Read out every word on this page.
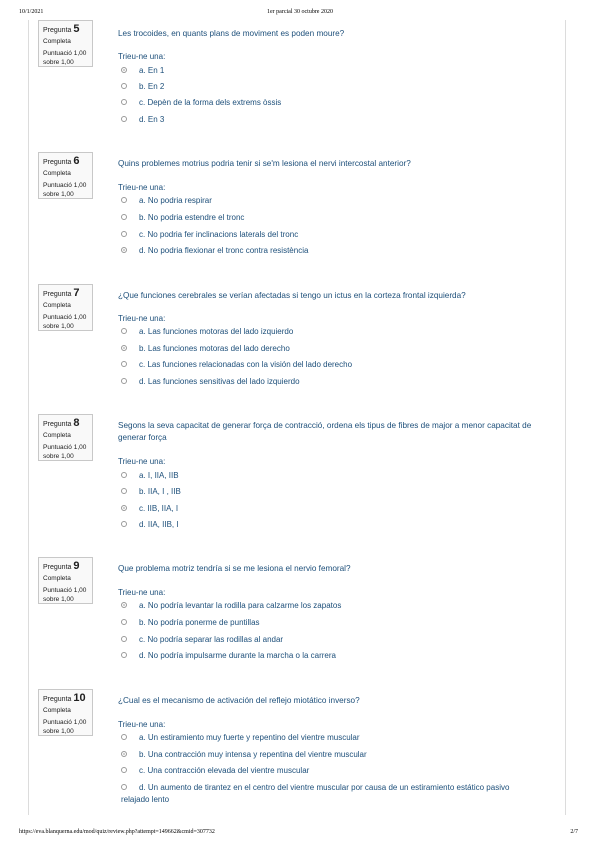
10/1/2021	1er parcial 30 octubre 2020
Pregunta 5
Completa
Puntuació 1,00 sobre 1,00
Les trocoides, en quants plans de moviment es poden moure?
Trieu-ne una:
a. En 1
b. En 2
c. Depèn de la forma dels extrems òssis
d. En 3
Pregunta 6
Completa
Puntuació 1,00 sobre 1,00
Quins problemes motrius podria tenir si se'm lesiona el nervi intercostal anterior?
Trieu-ne una:
a. No podria respirar
b. No podria estendre el tronc
c. No podria fer inclinacions laterals del tronc
d. No podria flexionar el tronc contra resistència
Pregunta 7
Completa
Puntuació 1,00 sobre 1,00
¿Que funciones cerebrales se verían afectadas si tengo un ictus en la corteza frontal izquierda?
Trieu-ne una:
a. Las funciones motoras del lado izquierdo
b. Las funciones motoras del lado derecho
c. Las funciones relacionadas con la visión del lado derecho
d. Las funciones sensitivas del lado izquierdo
Pregunta 8
Completa
Puntuació 1,00 sobre 1,00
Segons la seva capacitat de generar força de contracció, ordena els tipus de fibres de major a menor capacitat de generar força
Trieu-ne una:
a. I, IIA, IIB
b. IIA, I , IIB
c. IIB, IIA, I
d. IIA, IIB, I
Pregunta 9
Completa
Puntuació 1,00 sobre 1,00
Que problema motriz tendría si se me lesiona el nervio femoral?
Trieu-ne una:
a. No podría levantar la rodilla para calzarme los zapatos
b. No podría ponerme de puntillas
c. No podría separar las rodillas al andar
d. No podría impulsarme durante la marcha o la carrera
Pregunta 10
Completa
Puntuació 1,00 sobre 1,00
¿Cual es el mecanismo de activación del reflejo miotático inverso?
Trieu-ne una:
a. Un estiramiento muy fuerte y repentino del vientre muscular
b. Una contracción muy intensa y repentina del vientre muscular
c. Una contracción elevada del vientre muscular
d. Un aumento de tirantez en el centro del vientre muscular por causa de un estiramiento estático pasivo relajado lento
https://eva.blanquerna.edu/mod/quiz/review.php?attempt=149662&cmid=307732	2/7
